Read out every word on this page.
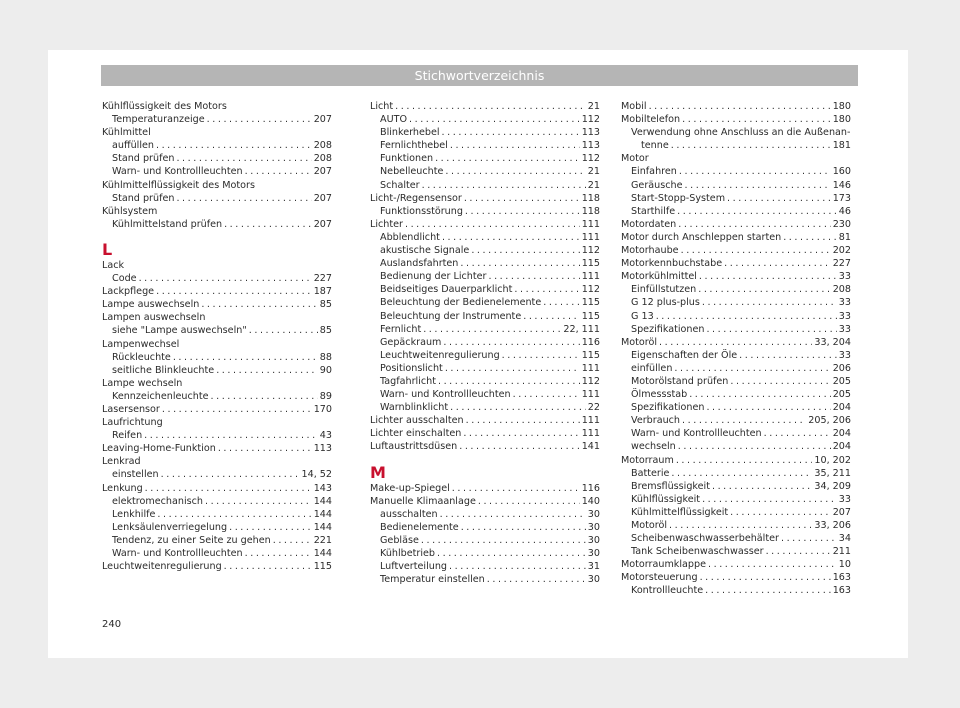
Stichwortverzeichnis
Kühlflüssigkeit des Motors
Temperaturanzeige . . .	207
Kühlmittel
auffüllen . . .	208
Stand prüfen . . .	208
Warn- und Kontrollleuchten . . .	207
Kühlmittelflüssigkeit des Motors
Stand prüfen . . .	207
Kühlsystem
Kühlmittelstand prüfen . . .	207
L
Lack
Code . . .	227
Lackpflege . . .	187
Lampe auswechseln . . .	85
Lampen auswechseln
siehe "Lampe auswechseln" . . .	85
Lampenwechsel
Rückleuchte . . .	88
seitliche Blinkleuchte . . .	90
Lampe wechseln
Kennzeichenleuchte . . .	89
Lasersensor . . .	170
Laufrichtung
Reifen . . .	43
Leaving-Home-Funktion . . .	113
Lenkrad
einstellen . . .	14, 52
Lenkung . . .	143
elektromechanisch . . .	144
Lenkhilfe . . .	144
Lenksäulenverriegelung . . .	144
Tendenz, zu einer Seite zu gehen . . .	221
Warn- und Kontrollleuchten . . .	144
Leuchtweitenregulierung . . .	115
Licht . . .	21
AUTO . . .	112
Blinkerhebel . . .	113
Fernlichthebel . . .	113
Funktionen . . .	112
Nebelleuchte . . .	21
Schalter . . .	21
Licht-/Regensensor . . .	118
Funktionsstörung . . .	118
Lichter . . .	111
Abblendlicht . . .	111
akustische Signale . . .	112
Auslandsfahrten . . .	115
Bedienung der Lichter . . .	111
Beidseitiges Dauerparklicht . . .	112
Beleuchtung der Bedienelemente . . .	115
Beleuchtung der Instrumente . . .	115
Fernlicht . . .	22, 111
Gepäckraum . . .	116
Leuchtweitenregulierung . . .	115
Positionslicht . . .	111
Tagfahrlicht . . .	112
Warn- und Kontrollleuchten . . .	111
Warnblinklicht . . .	22
Lichter ausschalten . . .	111
Lichter einschalten . . .	111
Luftaustrittsdüsen . . .	141
M
Make-up-Spiegel . . .	116
Manuelle Klimaanlage . . .	140
ausschalten . . .	30
Bedienelemente . . .	30
Gebläse . . .	30
Kühlbetrieb . . .	30
Luftverteilung . . .	31
Temperatur einstellen . . .	30
Mobil . . .	180
Mobiltelefon . . .	180
Verwendung ohne Anschluss an die Außenan-
tenne . . .	181
Motor
Einfahren . . .	160
Geräusche . . .	146
Start-Stopp-System . . .	173
Starthilfe . . .	46
Motordaten . . .	230
Motor durch Anschleppen starten . . .	81
Motorhaube . . .	202
Motorkennbuchstabe . . .	227
Motorkühlmittel . . .	33
Einfüllstutzen . . .	208
G 12 plus-plus . . .	33
G 13 . . .	33
Spezifikationen . . .	33
Motoröl . . .	33, 204
Eigenschaften der Öle . . .	33
einfüllen . . .	206
Motorölstand prüfen . . .	205
Ölmessstab . . .	205
Spezifikationen . . .	204
Verbrauch . . .	205, 206
Warn- und Kontrollleuchten . . .	204
wechseln . . .	204
Motorraum . . .	10, 202
Batterie . . .	35, 211
Bremsflüssigkeit . . .	34, 209
Kühlflüssigkeit . . .	33
Kühlmittelflüssigkeit . . .	207
Motoröl . . .	33, 206
Scheibenwaschwasserbehälter . . .	34
Tank Scheibenwaschwasser . . .	211
Motorraumklappe . . .	10
Motorsteuerung . . .	163
Kontrollleuchte . . .	163
240
